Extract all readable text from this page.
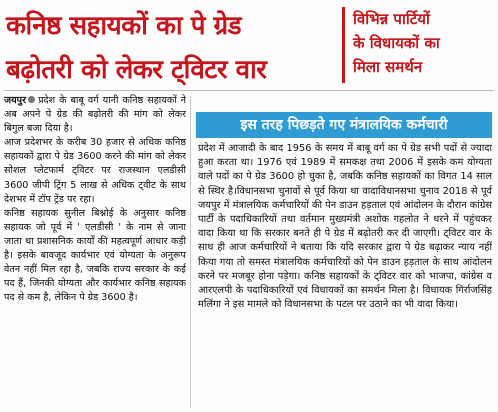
कनिष्ठ सहायकों का पे ग्रेड
बढ़ोतरी को लेकर ट्विटर वार
विभिन्न पार्टियों
के विधायकों का
मिला समर्थन

जयपुर प्रदेश के बाबू वर्ग यानी कनिष्ठ सहायकों ने अब अपने पे ग्रेड की बढ़ोतरी की मांग को लेकर बिगुल बजा दिया है।

आज प्रदेशभर के करीब 30 हजार से अधिक कनिष्ठ सहायकों द्वारा पे ग्रेड 3600 करने की मांग को लेकर सोशल प्लेटफार्म ट्विटर पर राजस्थान एलडीसी 3600 जीपी ट्रिंग 5 लाख से अधिक ट्वीट के साथ देशभर में टॉप ट्रेंड पर रहा।

कनिष्ठ सहायक सुनील बिश्नोई के अनुसार कनिष्ठ सहायक जो पूर्व में ' एलडीसी ' के नाम से जाना जाता था प्रशासनिक कार्यों की महत्वपूर्ण आधार कड़ी है। इसके बावजूद कार्यभार एवं योग्यता के अनुरूप वेतन नहीं मिल रहा है, जबकि राज्य सरकार के कई पद हैं, जिनकी योग्यता और कार्यभार कनिष्ठ सहायक पद से कम है, लेकिन पे ग्रेड 3600 है।

इस तरह पिछड़ते गए मंत्रालयिक कर्मचारी

प्रदेश में आजादी के बाद 1956 के समय में बाबू वर्ग का पे ग्रेड सभी पदों से ज्यादा हुआ करता था। 1976 एवं 1989 में समकक्ष तथा 2006 में इसके कम योग्यता वाले पदों का पे ग्रेड 3600 हो चुका है, जबकि कनिष्ठ सहायकों का विगत 14 साल से स्थिर है।विधानसभा चुनावों से पूर्व किया था वादाविधानसभा चुनाव 2018 से पूर्व जयपुर में मंत्रालयिक कर्मचारियों की पेन डाउन हड़ताल एवं आंदोलन के दौरान कांग्रेस पार्टी के पदाधिकारियों तथा वर्तमान मुख्यमंत्री अशोक गहलोत ने धरने में पहुंचकर वादा किया था कि सरकार बनते ही पे ग्रेड में बढ़ोतरी कर दी जाएगी। ट्विटर वार के साथ ही आज कर्मचारियों ने बताया कि यदि सरकार द्वारा पे ग्रेड बढ़ाकर न्याय नहीं किया गया तो समस्त मंत्रालयिक कर्मचारियों को पेन डाउन हड़ताल के साथ आंदोलन करने पर मजबूर होना पड़ेगा। कनिष्ठ सहायकों के ट्विटर वार को भाजपा, कांग्रेस व आरएलपी के पदाधिकारियों एवं विधायकों का समर्थन मिला है। विधायक गिर्राजसिंह मलिंगा ने इस मामले को विधानसभा के पटल पर उठाने का भी वादा किया।
